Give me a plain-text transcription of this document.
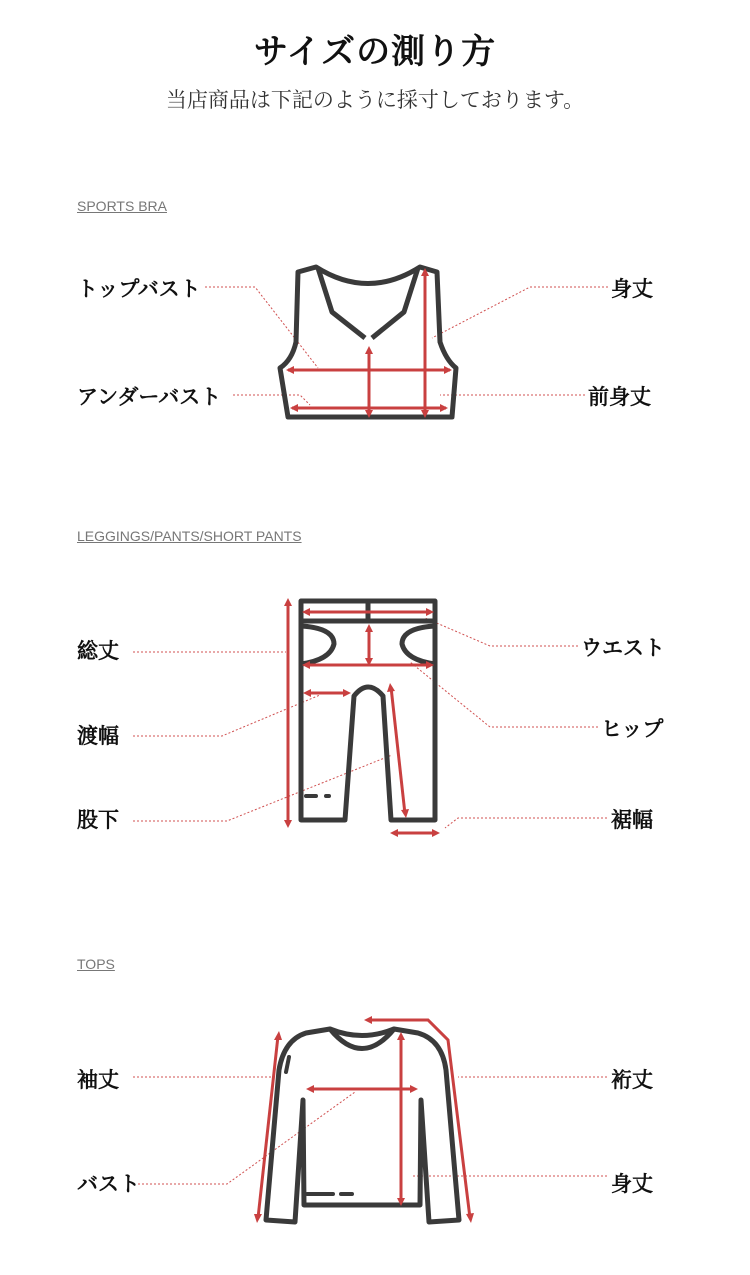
サイズの測り方

当店商品は下記のように採寸しております。

SPORTS BRA
トップバスト
アンダーバスト
身丈
前身丈
LEGGINGS/PANTS/SHORT PANTS
総丈
渡幅
股下
ウエスト
ヒップ
裾幅
TOPS
袖丈
バスト
裄丈
身丈
